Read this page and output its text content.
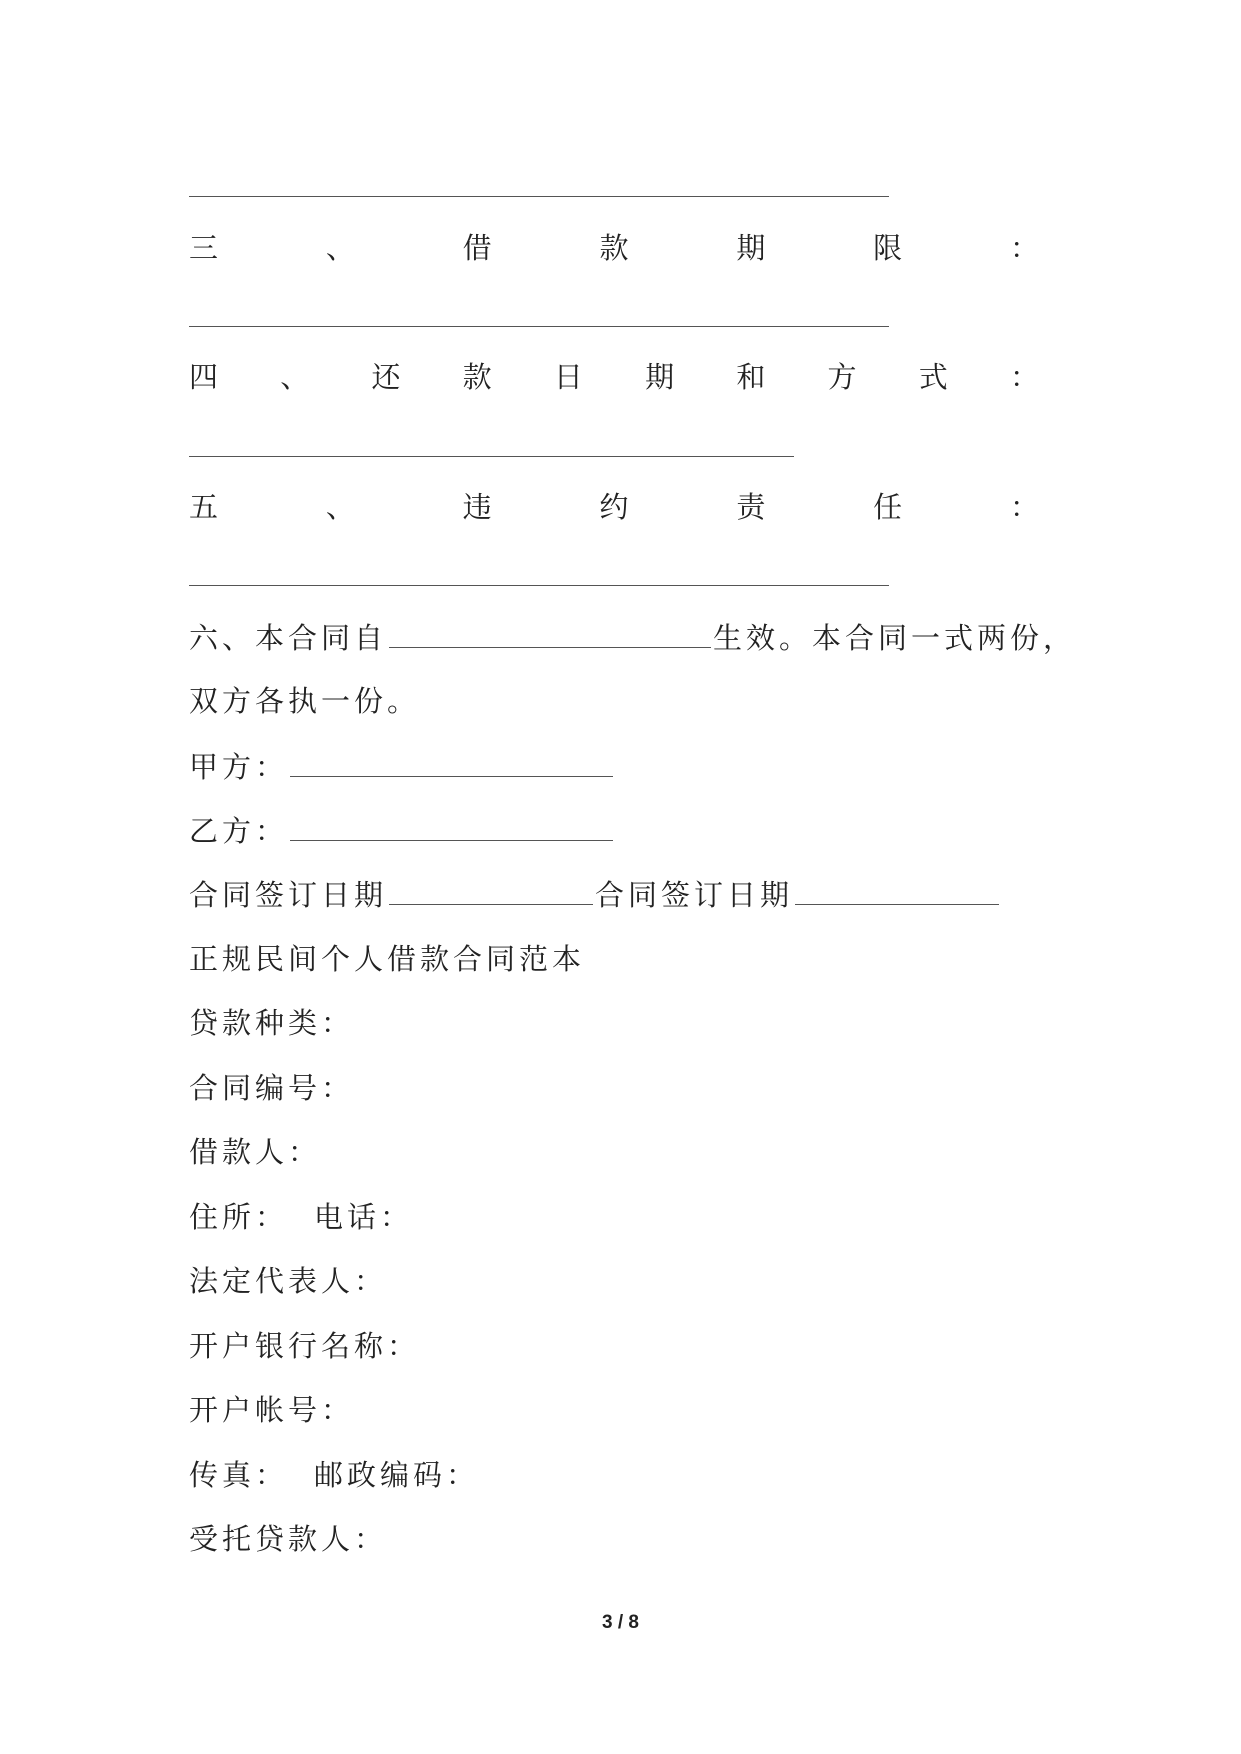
三	、	借	款	期	限	：
四 、 还 款 日 期 和 方 式 ：
五	、	违	约	责	任	：
六、本合同自	生效。本合同一式两份，
双方各执一份。
甲方：
乙方：
合同签订日期	合同签订日期
正规民间个人借款合同范本
贷款种类：
合同编号：
借款人：
住所： 电话：
法定代表人：
开户银行名称：
开户帐号：
传真： 邮政编码：
受托贷款人：
3 / 8
